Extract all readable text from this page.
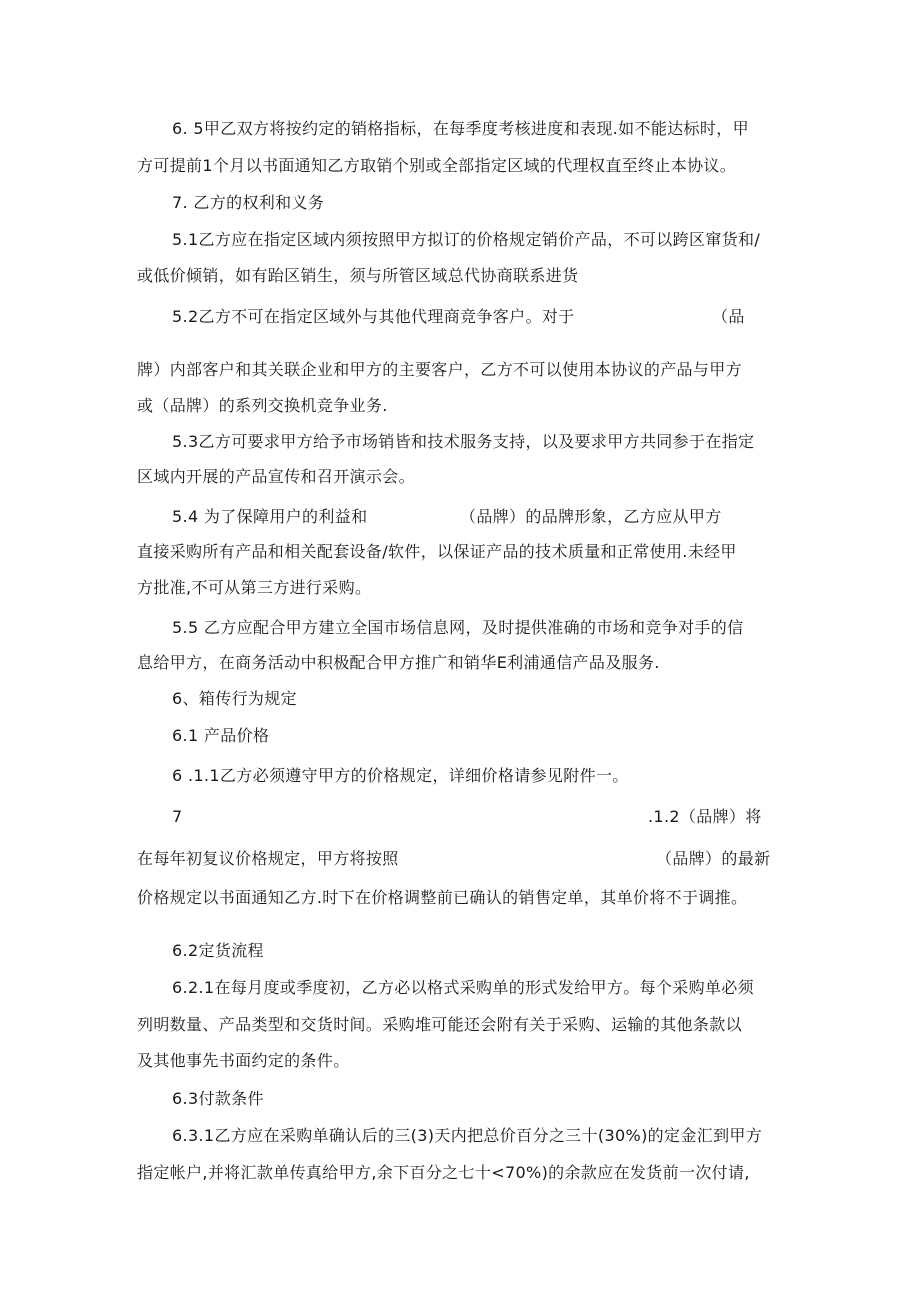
6. 5甲乙双方将按约定的销格指标，在每季度考核进度和表现.如不能达标时，甲
方可提前1个月以书面通知乙方取销个别或全部指定区域的代理权直至终止本协议。
7. 乙方的权利和义务
5.1乙方应在指定区域内须按照甲方拟订的价格规定销价产品，不可以跨区窜货和/
或低价倾销，如有跆区销生，须与所管区域总代协商联系进货
5.2乙方不可在指定区域外与其他代理商竞争客户。对于	（品
牌）内部客户和其关联企业和甲方的主要客户，乙方不可以使用本协议的产品与甲方
或（品牌）的系列交换机竞争业务.
5.3乙方可要求甲方给予市场销皆和技术服务支持，以及要求甲方共同参于在指定
区域内开展的产品宣传和召开演示会。
5.4 为了保障用户的利益和	（品牌）的品牌形象，乙方应从甲方
直接采购所有产品和相关配套设备/软件，以保证产品的技术质量和正常使用.未经甲
方批准,不可从第三方进行采购。
5.5 乙方应配合甲方建立全国市场信息网，及时提供准确的市场和竞争对手的信
息给甲方，在商务活动中积极配合甲方推广和销华E利浦通信产品及服务.
6、箱传行为规定
6.1 产品价格
6 .1.1乙方必须遵守甲方的价格规定，详细价格请参见附件一。
7	.1.2（品牌）将
在每年初复议价格规定，甲方将按照	（品牌）的最新
价格规定以书面通知乙方.时下在价格调整前已确认的销售定单，其单价将不于调推。
6.2定货流程
6.2.1在每月度或季度初，乙方必以格式采购单的形式发给甲方。每个采购单必须
列明数量、产品类型和交货时间。采购堆可能还会附有关于采购、运输的其他条款以
及其他事先书面约定的条件。
6.3付款条件
6.3.1乙方应在采购单确认后的三(3)天内把总价百分之三十(30%)的定金汇到甲方
指定帐户,并将汇款单传真给甲方,余下百分之七十<70%)的余款应在发货前一次付请,
